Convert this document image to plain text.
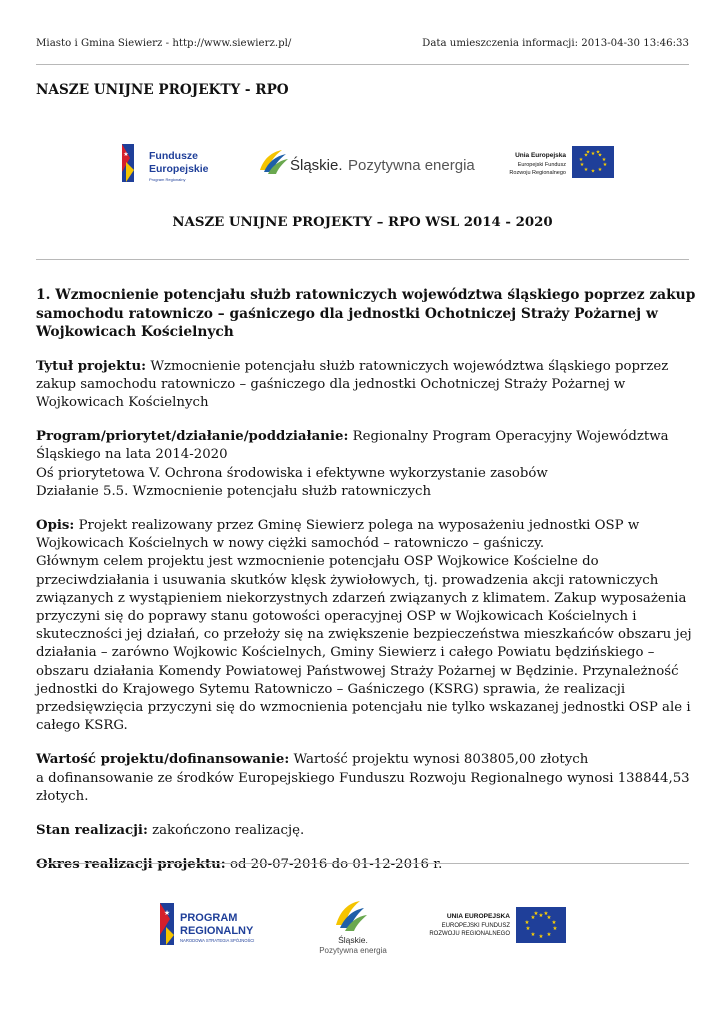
Miasto i Gmina Siewierz - http://www.siewierz.pl/	Data umieszczenia informacji: 2013-04-30 13:46:33
NASZE UNIJNE PROJEKTY - RPO
★ Fundusze
Europejskie
Program Regionalny
Śląskie. Pozytywna energia
Unia Europejska
Europejski Fundusz
Rozwoju Regionalnego
★ ★
★
★
★
★
★
★
★
★ ★
★
NASZE UNIJNE PROJEKTY – RPO WSL 2014 - 2020

1. Wzmocnienie potencjału służb ratowniczych województwa śląskiego poprzez zakup samochodu ratowniczo – gaśniczego dla jednostki Ochotniczej Straży Pożarnej w Wojkowicach Kościelnych

Tytuł projektu: Wzmocnienie potencjału służb ratowniczych województwa śląskiego poprzez zakup samochodu ratowniczo – gaśniczego dla jednostki Ochotniczej Straży Pożarnej w Wojkowicach Kościelnych

Program/priorytet/działanie/poddziałanie: Regionalny Program Operacyjny Województwa Śląskiego na lata 2014-2020

Oś priorytetowa V. Ochrona środowiska i efektywne wykorzystanie zasobów

Działanie 5.5. Wzmocnienie potencjału służb ratowniczych

Opis: Projekt realizowany przez Gminę Siewierz polega na wyposażeniu jednostki OSP w Wojkowicach Kościelnych w nowy ciężki samochód – ratowniczo – gaśniczy.

Głównym celem projektu jest wzmocnienie potencjału OSP Wojkowice Kościelne do przeciwdziałania i usuwania skutków klęsk żywiołowych, tj. prowadzenia akcji ratowniczych związanych z wystąpieniem niekorzystnych zdarzeń związanych z klimatem. Zakup wyposażenia przyczyni się do poprawy stanu gotowości operacyjnej OSP w Wojkowicach Kościelnych i skuteczności jej działań, co przełoży się na zwiększenie bezpieczeństwa mieszkańców obszaru jej działania – zarówno Wojkowic Kościelnych, Gminy Siewierz i całego Powiatu będzińskiego – obszaru działania Komendy Powiatowej Państwowej Straży Pożarnej w Będzinie. Przynależność jednostki do Krajowego Sytemu Ratowniczo – Gaśniczego (KSRG) sprawia, że realizacji przedsięwzięcia przyczyni się do wzmocnienia potencjału nie tylko wskazanej jednostki OSP ale i całego KSRG.

Wartość projektu/dofinansowanie: Wartość projektu wynosi 803805,00 złotych

a dofinansowanie ze środków Europejskiego Funduszu Rozwoju Regionalnego wynosi 138844,53 złotych.

Stan realizacji: zakończono realizację.

Okres realizacji projektu: od 20-07-2016 do 01-12-2016 r.

★ PROGRAM
REGIONALNY
NARODOWA STRATEGIA SPÓJNOŚCI	Śląskie.
Pozytywna energia
UNIA EUROPEJSKA
EUROPEJSKI FUNDUSZ
ROZWOJU REGIONALNEGO
★ ★
★
★
★
★
★
★
★
★
★
★
